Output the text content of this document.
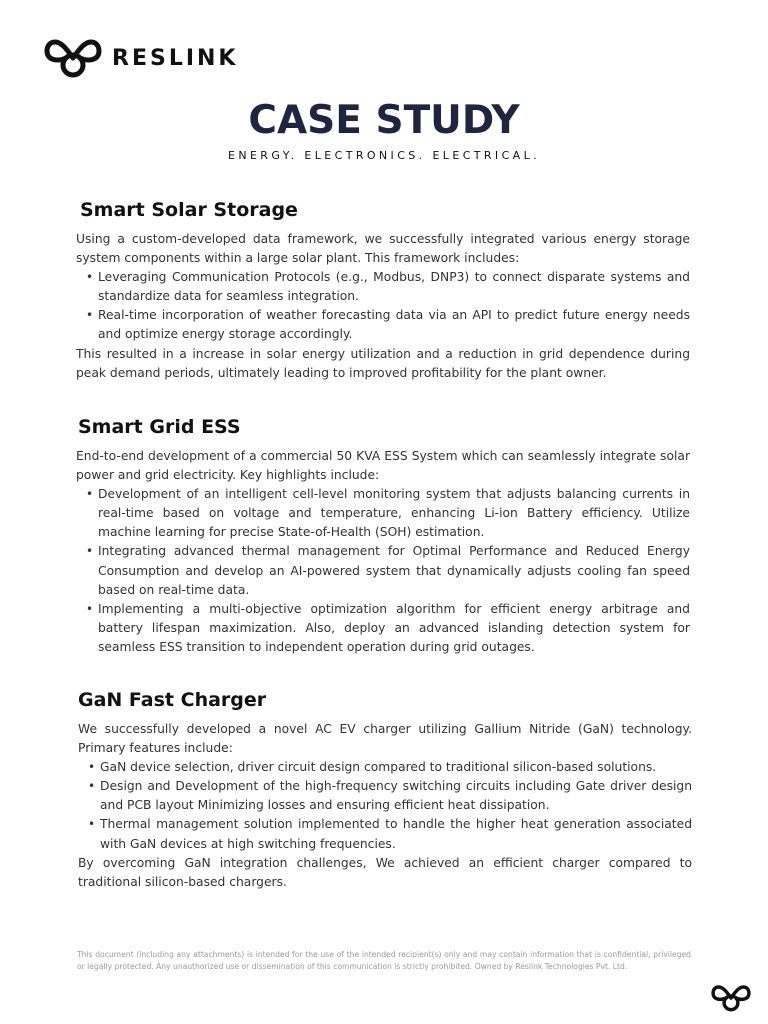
RESLINK
CASE STUDY
ENERGY. ELECTRONICS. ELECTRICAL.
Smart Solar Storage

Using a custom-developed data framework, we successfully integrated various energy storage system components within a large solar plant. This framework includes:

• Leveraging Communication Protocols (e.g., Modbus, DNP3) to connect disparate systems and standardize data for seamless integration.
• Real-time incorporation of weather forecasting data via an API to predict future energy needs and optimize energy storage accordingly.

This resulted in a increase in solar energy utilization and a reduction in grid dependence during peak demand periods, ultimately leading to improved profitability for the plant owner.

Smart Grid ESS

End-to-end development of a commercial 50 KVA ESS System which can seamlessly integrate solar power and grid electricity. Key highlights include:

• Development of an intelligent cell-level monitoring system that adjusts balancing currents in real-time based on voltage and temperature, enhancing Li-ion Battery efficiency. Utilize machine learning for precise State-of-Health (SOH) estimation.
• Integrating advanced thermal management for Optimal Performance and Reduced Energy Consumption and develop an AI-powered system that dynamically adjusts cooling fan speed based on real-time data.
• Implementing a multi-objective optimization algorithm for efficient energy arbitrage and battery lifespan maximization. Also, deploy an advanced islanding detection system for seamless ESS transition to independent operation during grid outages.
GaN Fast Charger

We successfully developed a novel AC EV charger utilizing Gallium Nitride (GaN) technology. Primary features include:

• GaN device selection, driver circuit design compared to traditional silicon-based solutions.
• Design and Development of the high-frequency switching circuits including Gate driver design and PCB layout Minimizing losses and ensuring efficient heat dissipation.
• Thermal management solution implemented to handle the higher heat generation associated with GaN devices at high switching frequencies.

By overcoming GaN integration challenges, We achieved an efficient charger compared to traditional silicon-based chargers.

This document (including any attachments) is intended for the use of the intended recipient(s) only and may contain information that is confidential, privileged or legally protected. Any unauthorized use or dissemination of this communication is strictly prohibited. Owned by Reslink Technologies Pvt. Ltd.
